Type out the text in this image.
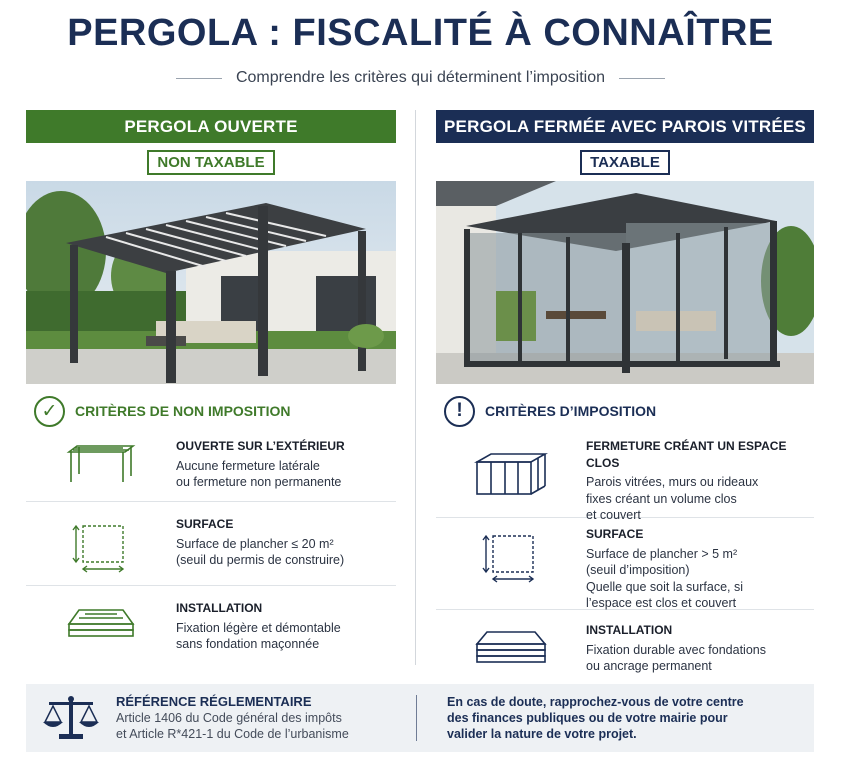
PERGOLA : FISCALITÉ À CONNAÎTRE
Comprendre les critères qui déterminent l’imposition
PERGOLA OUVERTE
NON TAXABLE
✓	CRITÈRES DE NON IMPOSITION
OUVERTE SUR L’EXTÉRIEUR
Aucune fermeture latérale
ou fermeture non permanente
SURFACE
Surface de plancher ≤ 20 m²
(seuil du permis de construire)
INSTALLATION
Fixation légère et démontable
sans fondation maçonnée
PERGOLA FERMÉE AVEC PAROIS VITRÉES
TAXABLE
!	CRITÈRES D’IMPOSITION
FERMETURE CRÉANT UN ESPACE CLOS
Parois vitrées, murs ou rideaux
fixes créant un volume clos
et couvert
SURFACE
Surface de plancher > 5 m²
(seuil d’imposition)
Quelle que soit la surface, si
l’espace est clos et couvert
INSTALLATION
Fixation durable avec fondations
ou ancrage permanent
RÉFÉRENCE RÉGLEMENTAIRE
Article 1406 du Code général des impôts
et Article R*421-1 du Code de l’urbanisme
En cas de doute, rapprochez-vous de votre centre
des finances publiques ou de votre mairie pour
valider la nature de votre projet.
